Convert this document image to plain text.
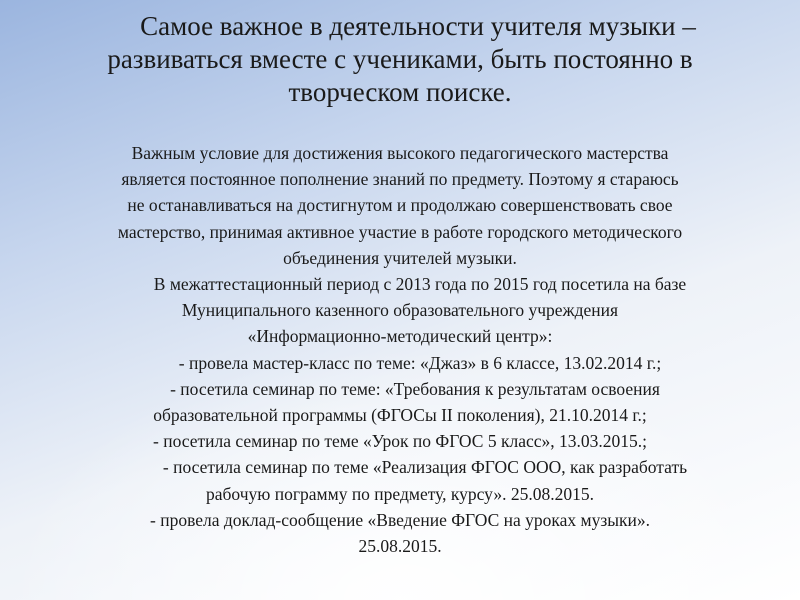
Самое важное в деятельности учителя музыки –
развиваться вместе с учениками, быть постоянно в
творческом поиске.
Важным условие для достижения высокого педагогического мастерства
является постоянное пополнение знаний по предмету. Поэтому я стараюсь
не останавливаться на достигнутом и продолжаю совершенствовать свое
мастерство, принимая активное участие в работе городского методического
объединения учителей музыки.
В межаттестационный период с 2013 года по 2015 год посетила на базе
Муниципального казенного образовательного учреждения
«Информационно-методический центр»:
- провела мастер-класс по теме: «Джаз» в 6 классе, 13.02.2014 г.;
- посетила семинар по теме: «Требования к результатам освоения
образовательной программы (ФГОСы II поколения), 21.10.2014 г.;
- посетила семинар по теме «Урок по ФГОС 5 класс», 13.03.2015.;
- посетила семинар по теме «Реализация ФГОС ООО, как разработать
рабочую пограмму по предмету, курсу». 25.08.2015.
- провела доклад-сообщение «Введение ФГОС на уроках музыки».
25.08.2015.
